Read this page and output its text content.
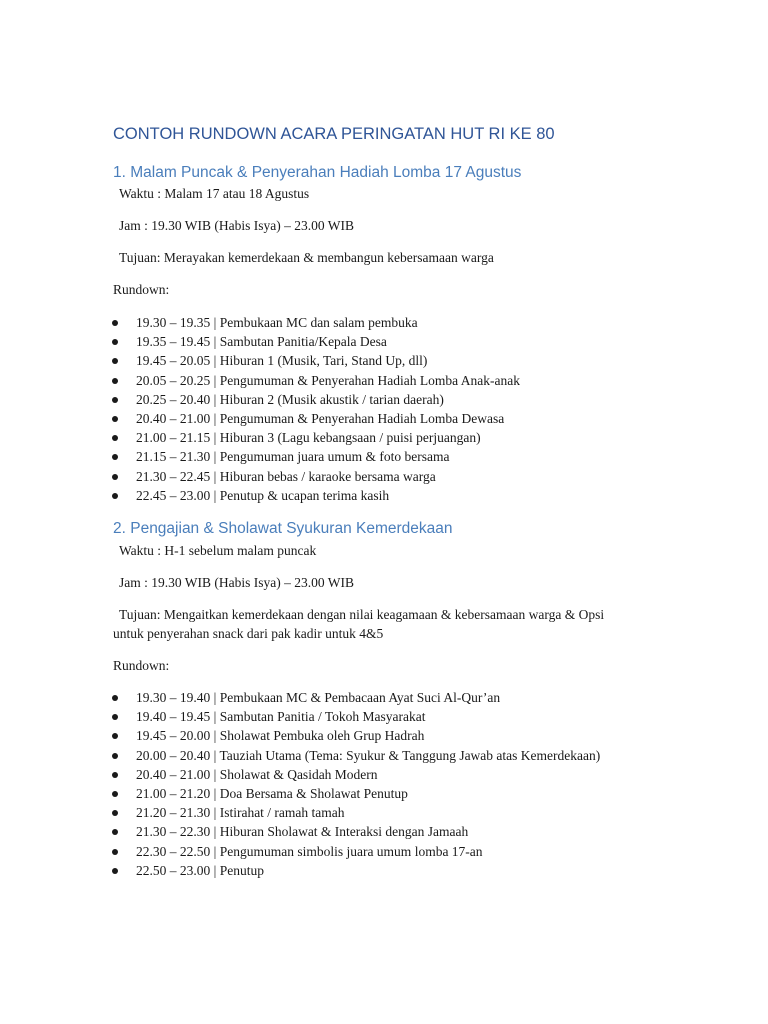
CONTOH RUNDOWN ACARA PERINGATAN HUT RI KE 80
1. Malam Puncak & Penyerahan Hadiah Lomba 17 Agustus

Waktu : Malam 17 atau 18 Agustus

Jam : 19.30 WIB (Habis Isya) – 23.00 WIB

Tujuan: Merayakan kemerdekaan & membangun kebersamaan warga

Rundown:

19.30 – 19.35 | Pembukaan MC dan salam pembuka
19.35 – 19.45 | Sambutan Panitia/Kepala Desa
19.45 – 20.05 | Hiburan 1 (Musik, Tari, Stand Up, dll)
20.05 – 20.25 | Pengumuman & Penyerahan Hadiah Lomba Anak-anak
20.25 – 20.40 | Hiburan 2 (Musik akustik / tarian daerah)
20.40 – 21.00 | Pengumuman & Penyerahan Hadiah Lomba Dewasa
21.00 – 21.15 | Hiburan 3 (Lagu kebangsaan / puisi perjuangan)
21.15 – 21.30 | Pengumuman juara umum & foto bersama
21.30 – 22.45 | Hiburan bebas / karaoke bersama warga
22.45 – 23.00 | Penutup & ucapan terima kasih
2. Pengajian & Sholawat Syukuran Kemerdekaan

Waktu : H-1 sebelum malam puncak

Jam : 19.30 WIB (Habis Isya) – 23.00 WIB

Tujuan: Mengaitkan kemerdekaan dengan nilai keagamaan & kebersamaan warga & Opsi

untuk penyerahan snack dari pak kadir untuk 4&5

Rundown:

19.30 – 19.40 | Pembukaan MC & Pembacaan Ayat Suci Al-Qur’an
19.40 – 19.45 | Sambutan Panitia / Tokoh Masyarakat
19.45 – 20.00 | Sholawat Pembuka oleh Grup Hadrah
20.00 – 20.40 | Tauziah Utama (Tema: Syukur & Tanggung Jawab atas Kemerdekaan)
20.40 – 21.00 | Sholawat & Qasidah Modern
21.00 – 21.20 | Doa Bersama & Sholawat Penutup
21.20 – 21.30 | Istirahat / ramah tamah
21.30 – 22.30 | Hiburan Sholawat & Interaksi dengan Jamaah
22.30 – 22.50 | Pengumuman simbolis juara umum lomba 17-an
22.50 – 23.00 | Penutup
